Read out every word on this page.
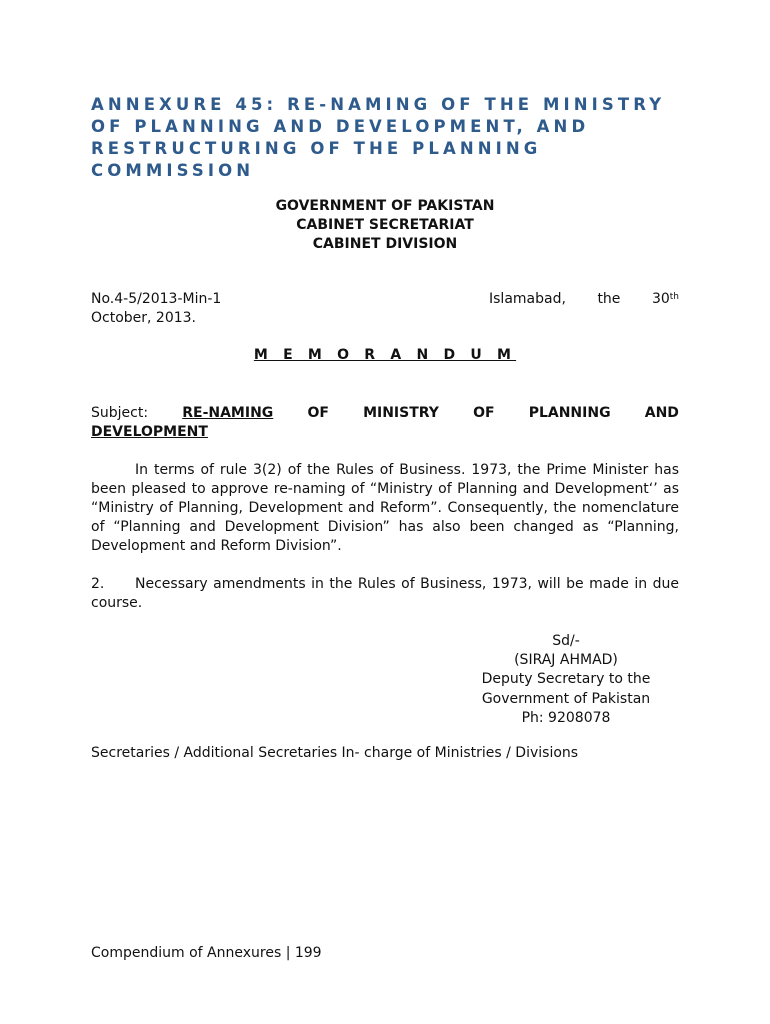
ANNEXURE 45: RE-NAMING OF THE MINISTRY
OF PLANNING AND DEVELOPMENT, AND
RESTRUCTURING OF THE PLANNING
COMMISSION
GOVERNMENT OF PAKISTAN
CABINET SECRETARIAT
CABINET DIVISION
No.4-5/2013-Min-1
October, 2013.
Islamabad, the 30th
M E M O R A N D U M
Subject: RE-NAMING OF MINISTRY OF PLANNING AND
DEVELOPMENT
In terms of rule 3(2) of the Rules of Business. 1973, the Prime Minister has been pleased to approve re-naming of “Ministry of Planning and Development‘’ as “Ministry of Planning, Development and Reform”. Consequently, the nomenclature of “Planning and Development Division” has also been changed as “Planning, Development and Reform Division”.
2. Necessary amendments in the Rules of Business, 1973, will be made in due course.
Sd/-
(SIRAJ AHMAD)
Deputy Secretary to the
Government of Pakistan
Ph: 9208078
Secretaries / Additional Secretaries In- charge of Ministries / Divisions
Compendium of Annexures | 199
